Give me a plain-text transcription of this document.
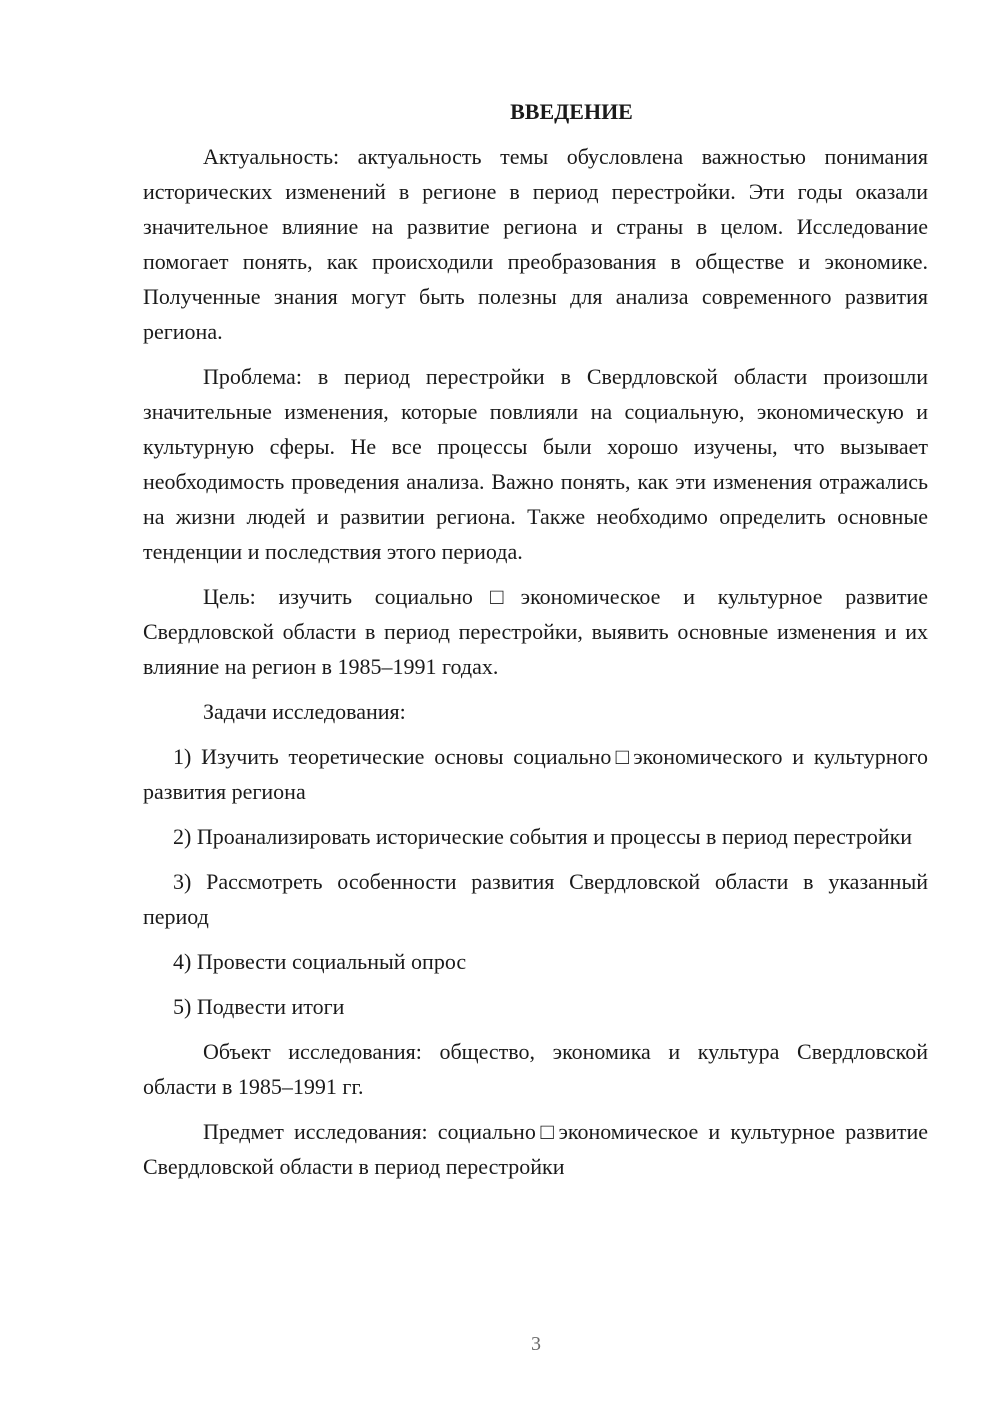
ВВЕДЕНИЕ

Актуальность: актуальность темы обусловлена важностью понимания исторических изменений в регионе в период перестройки. Эти годы оказали значительное влияние на развитие региона и страны в целом. Исследование помогает понять, как происходили преобразования в обществе и экономике. Полученные знания могут быть полезны для анализа современного развития региона.

Проблема: в период перестройки в Свердловской области произошли значительные изменения, которые повлияли на социальную, экономическую и культурную сферы. Не все процессы были хорошо изучены, что вызывает необходимость проведения анализа. Важно понять, как эти изменения отражались на жизни людей и развитии региона. Также необходимо определить основные тенденции и последствия этого периода.

Цель: изучить социально□экономическое и культурное развитие Свердловской области в период перестройки, выявить основные изменения и их влияние на регион в 1985–1991 годах.

Задачи исследования:

1) Изучить теоретические основы социально□экономического и культурного развития региона

2) Проанализировать исторические события и процессы в период перестройки

3) Рассмотреть особенности развития Свердловской области в указанный период

4) Провести социальный опрос

5) Подвести итоги

Объект исследования: общество, экономика и культура Свердловской области в 1985–1991 гг.

Предмет исследования: социально□экономическое и культурное развитие Свердловской области в период перестройки

3
